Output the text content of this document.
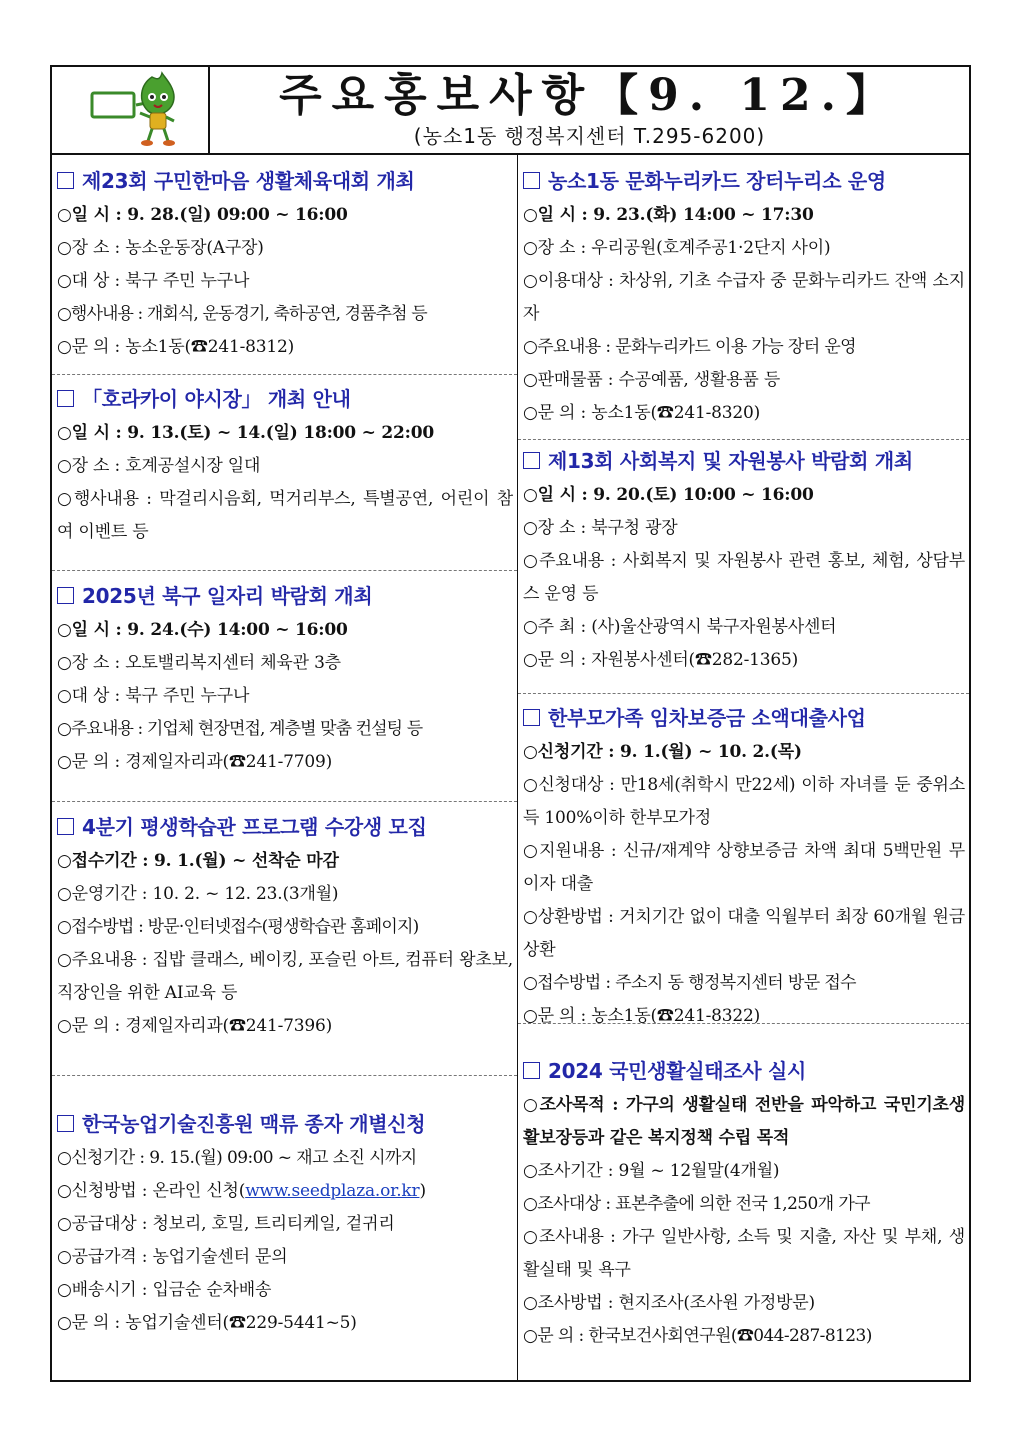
주요홍보사항【9. 12.】
(농소1동 행정복지센터 T.295-6200)
제23회 구민한마음 생활체육대회 개최
○일 시 : 9. 28.(일) 09:00 ~ 16:00
○장 소 : 농소운동장(A구장)
○대 상 : 북구 주민 누구나
○행사내용 : 개회식, 운동경기, 축하공연, 경품추첨 등
○문 의 : 농소1동(☎241-8312)
「호라카이 야시장」 개최 안내
○일 시 : 9. 13.(토) ~ 14.(일) 18:00 ~ 22:00
○장 소 : 호계공설시장 일대
○행사내용 : 막걸리시음회, 먹거리부스, 특별공연, 어린이 참여 이벤트 등
2025년 북구 일자리 박람회 개최
○일 시 : 9. 24.(수) 14:00 ~ 16:00
○장 소 : 오토밸리복지센터 체육관 3층
○대 상 : 북구 주민 누구나
○주요내용 : 기업체 현장면접, 계층별 맞춤 컨설팅 등
○문 의 : 경제일자리과(☎241-7709)
4분기 평생학습관 프로그램 수강생 모집
○접수기간 : 9. 1.(월) ~ 선착순 마감
○운영기간 : 10. 2. ~ 12. 23.(3개월)
○접수방법 : 방문·인터넷접수(평생학습관 홈페이지)
○주요내용 : 집밥 클래스, 베이킹, 포슬린 아트, 컴퓨터 왕초보, 직장인을 위한 AI교육 등
○문 의 : 경제일자리과(☎241-7396)
한국농업기술진흥원 맥류 종자 개별신청
○신청기간 : 9. 15.(월) 09:00 ~ 재고 소진 시까지
○신청방법 : 온라인 신청(www.seedplaza.or.kr)
○공급대상 : 청보리, 호밀, 트리티케일, 겉귀리
○공급가격 : 농업기술센터 문의
○배송시기 : 입금순 순차배송
○문 의 : 농업기술센터(☎229-5441~5)
농소1동 문화누리카드 장터누리소 운영
○일 시 : 9. 23.(화) 14:00 ~ 17:30
○장 소 : 우리공원(호계주공1·2단지 사이)
○이용대상 : 차상위, 기초 수급자 중 문화누리카드 잔액 소지자
○주요내용 : 문화누리카드 이용 가능 장터 운영
○판매물품 : 수공예품, 생활용품 등
○문 의 : 농소1동(☎241-8320)
제13회 사회복지 및 자원봉사 박람회 개최
○일 시 : 9. 20.(토) 10:00 ~ 16:00
○장 소 : 북구청 광장
○주요내용 : 사회복지 및 자원봉사 관련 홍보, 체험, 상담부스 운영 등
○주 최 : (사)울산광역시 북구자원봉사센터
○문 의 : 자원봉사센터(☎282-1365)
한부모가족 임차보증금 소액대출사업
○신청기간 : 9. 1.(월) ~ 10. 2.(목)
○신청대상 : 만18세(취학시 만22세) 이하 자녀를 둔 중위소득 100%이하 한부모가정
○지원내용 : 신규/재계약 상향보증금 차액 최대 5백만원 무이자 대출
○상환방법 : 거치기간 없이 대출 익월부터 최장 60개월 원금 상환
○접수방법 : 주소지 동 행정복지센터 방문 접수
○문 의 : 농소1동(☎241-8322)
2024 국민생활실태조사 실시
○조사목적 : 가구의 생활실태 전반을 파악하고 국민기초생활보장등과 같은 복지정책 수립 목적
○조사기간 : 9월 ~ 12월말(4개월)
○조사대상 : 표본추출에 의한 전국 1,250개 가구
○조사내용 : 가구 일반사항, 소득 및 지출, 자산 및 부채, 생활실태 및 욕구
○조사방법 : 현지조사(조사원 가정방문)
○문 의 : 한국보건사회연구원(☎044-287-8123)
